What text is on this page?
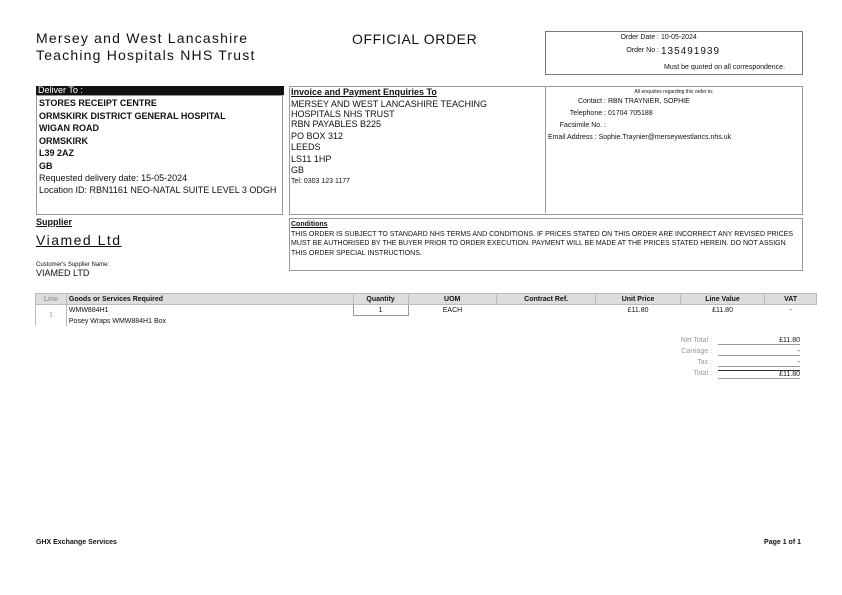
Mersey and West Lancashire
Teaching Hospitals NHS Trust
OFFICIAL ORDER	Order Date : 10-05-2024
Order No : 135491939
Must be quoted on all correspondence.
Deliver To :
STORES RECEIPT CENTRE
ORMSKIRK DISTRICT GENERAL HOSPITAL
WIGAN ROAD
ORMSKIRK
L39 2AZ
GB
Requested delivery date: 15-05-2024
Location ID: RBN1161 NEO-NATAL SUITE LEVEL 3 ODGH
Invoice and Payment Enquiries To
MERSEY AND WEST LANCASHIRE TEACHING
HOSPITALS NHS TRUST
RBN PAYABLES B225
PO BOX 312
LEEDS
LS11 1HP
GB
Tel: 0303 123 1177
All enquiries regarding this order to:
Contact : RBN TRAYNIER, SOPHIE
Telephone : 01704 705188
Facsimile No. :
Email Address : Sophie.Traynier@merseywestlancs.nhs.uk
Supplier
Viamed Ltd
Customer's Supplier Name:
VIAMED LTD
Conditions
THIS ORDER IS SUBJECT TO STANDARD NHS TERMS AND CONDITIONS. IF PRICES STATED ON THIS ORDER ARE INCORRECT ANY REVISED PRICES MUST BE AUTHORISED BY THE BUYER PRIOR TO ORDER EXECUTION. PAYMENT WILL BE MADE AT THE PRICES STATED HEREIN. DO NOT ASSIGN THIS ORDER SPECIAL INSTRUCTIONS.
Line	Goods or Services Required	Quantity	UOM	Contract Ref.	Unit Price	Line Value	VAT
1	WMW884H1	1	EACH		£11.80	£11.80	-
	Posey Wraps WMW884H1 Box						
Net Total :	£11.80
Carriage :	-
Tax :	-
Total :	£11.80
GHX Exchange Services	Page 1 of 1
